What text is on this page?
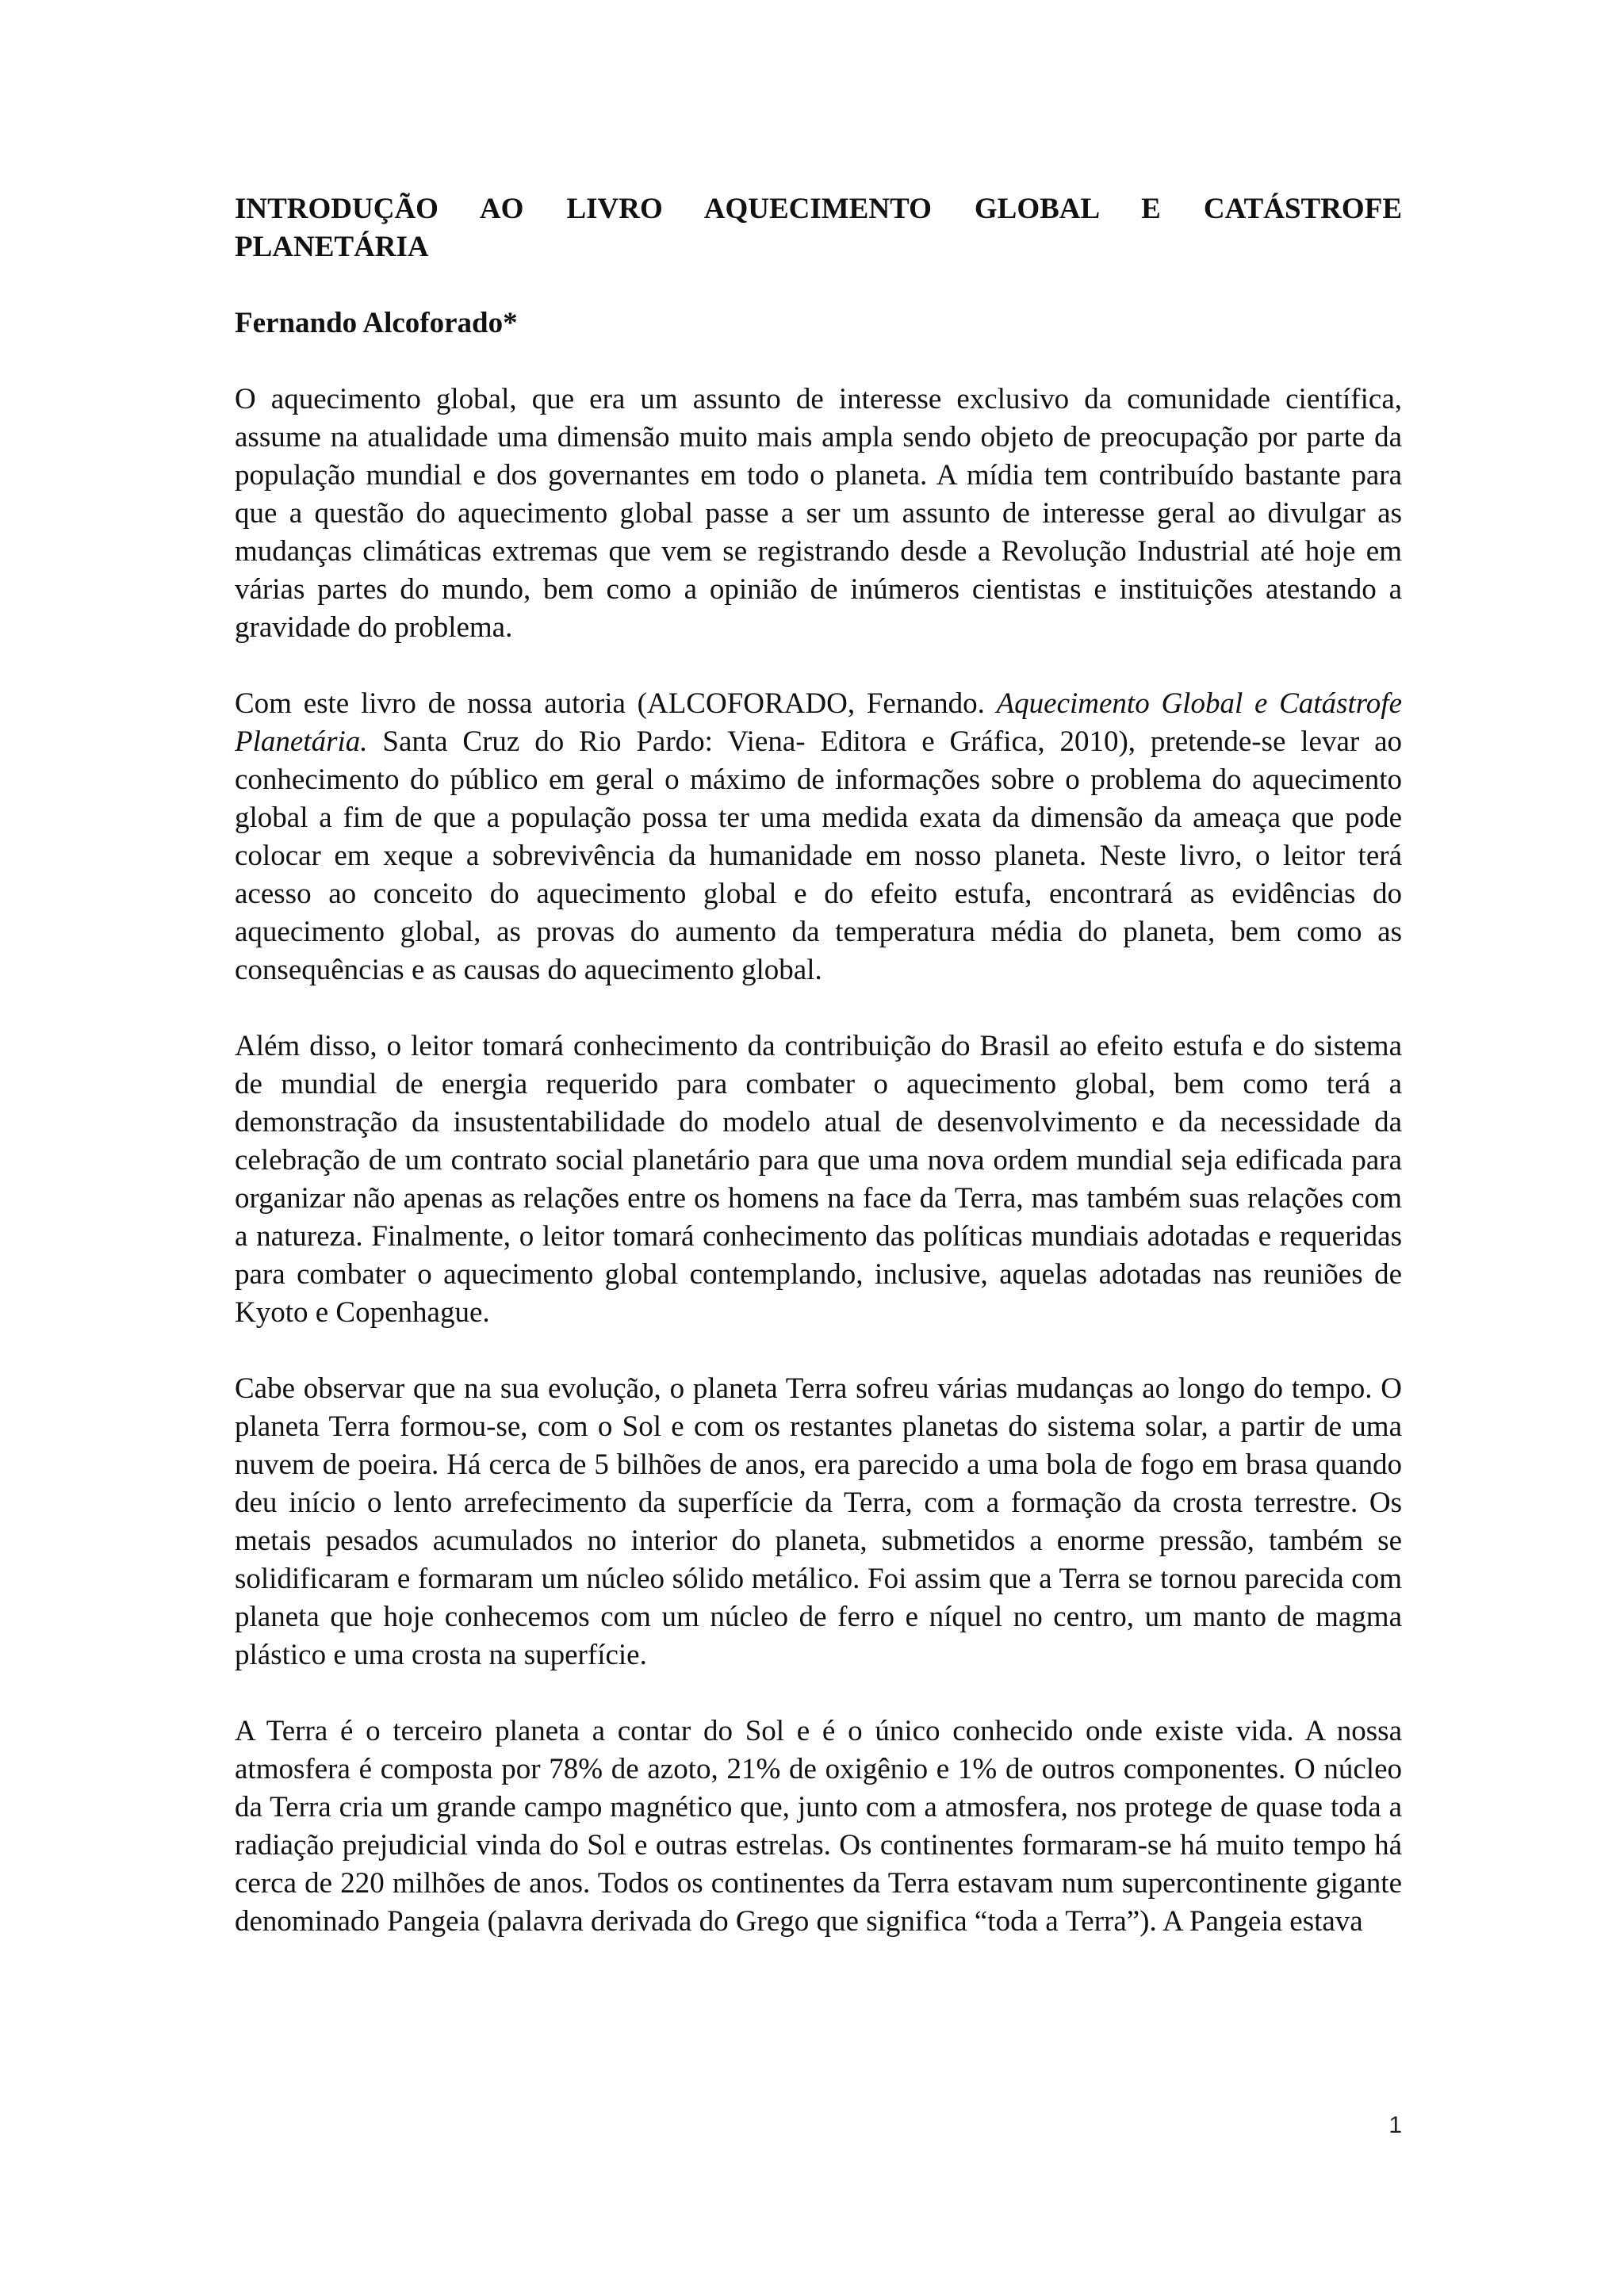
INTRODUÇÃO AO LIVRO AQUECIMENTO GLOBAL E CATÁSTROFE
PLANETÁRIA

Fernando Alcoforado*

O aquecimento global, que era um assunto de interesse exclusivo da comunidade científica, assume na atualidade uma dimensão muito mais ampla sendo objeto de preocupação por parte da população mundial e dos governantes em todo o planeta. A mídia tem contribuído bastante para que a questão do aquecimento global passe a ser um assunto de interesse geral ao divulgar as mudanças climáticas extremas que vem se registrando desde a Revolução Industrial até hoje em várias partes do mundo, bem como a opinião de inúmeros cientistas e instituições atestando a gravidade do problema.

Com este livro de nossa autoria (ALCOFORADO, Fernando. Aquecimento Global e Catástrofe Planetária. Santa Cruz do Rio Pardo: Viena- Editora e Gráfica, 2010), pretende-se levar ao conhecimento do público em geral o máximo de informações sobre o problema do aquecimento global a fim de que a população possa ter uma medida exata da dimensão da ameaça que pode colocar em xeque a sobrevivência da humanidade em nosso planeta. Neste livro, o leitor terá acesso ao conceito do aquecimento global e do efeito estufa, encontrará as evidências do aquecimento global, as provas do aumento da temperatura média do planeta, bem como as consequências e as causas do aquecimento global.

Além disso, o leitor tomará conhecimento da contribuição do Brasil ao efeito estufa e do sistema de mundial de energia requerido para combater o aquecimento global, bem como terá a demonstração da insustentabilidade do modelo atual de desenvolvimento e da necessidade da celebração de um contrato social planetário para que uma nova ordem mundial seja edificada para organizar não apenas as relações entre os homens na face da Terra, mas também suas relações com a natureza. Finalmente, o leitor tomará conhecimento das políticas mundiais adotadas e requeridas para combater o aquecimento global contemplando, inclusive, aquelas adotadas nas reuniões de Kyoto e Copenhague.

Cabe observar que na sua evolução, o planeta Terra sofreu várias mudanças ao longo do tempo. O planeta Terra formou-se, com o Sol e com os restantes planetas do sistema solar, a partir de uma nuvem de poeira. Há cerca de 5 bilhões de anos, era parecido a uma bola de fogo em brasa quando deu início o lento arrefecimento da superfície da Terra, com a formação da crosta terrestre. Os metais pesados acumulados no interior do planeta, submetidos a enorme pressão, também se solidificaram e formaram um núcleo sólido metálico. Foi assim que a Terra se tornou parecida com planeta que hoje conhecemos com um núcleo de ferro e níquel no centro, um manto de magma plástico e uma crosta na superfície.

A Terra é o terceiro planeta a contar do Sol e é o único conhecido onde existe vida. A nossa atmosfera é composta por 78% de azoto, 21% de oxigênio e 1% de outros componentes. O núcleo da Terra cria um grande campo magnético que, junto com a atmosfera, nos protege de quase toda a radiação prejudicial vinda do Sol e outras estrelas. Os continentes formaram-se há muito tempo há cerca de 220 milhões de anos. Todos os continentes da Terra estavam num supercontinente gigante denominado Pangeia (palavra derivada do Grego que significa “toda a Terra”). A Pangeia estava

1
